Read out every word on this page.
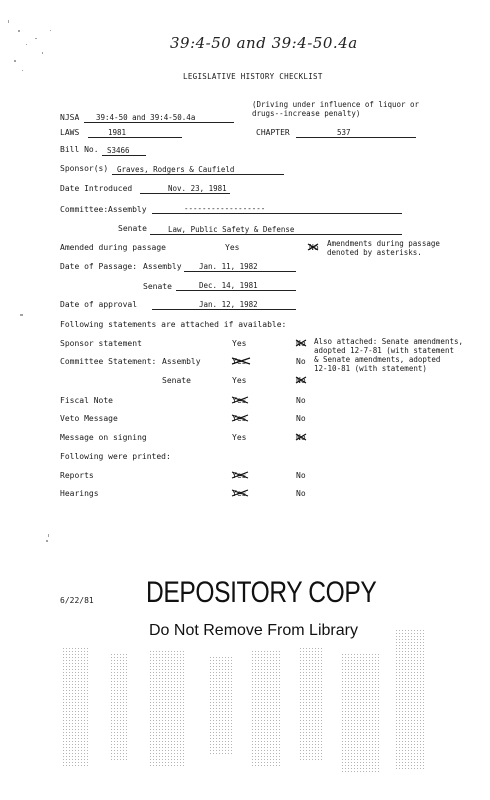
39:4-50 and 39:4-50.4a
LEGISLATIVE HISTORY CHECKLIST
NJSA 39:4-50 and 39:4-50.4a
(Driving under influence of liquor or
drugs--increase penalty)
LAWS	1981	CHAPTER	537
Bill No. S3466
Sponsor(s) Graves, Rodgers & Caufield
Date Introduced	Nov. 23, 1981
Committee: Assembly	------------------
Senate	Law, Public Safety & Defense
Amended during passage	Yes	No Amendments during passage
denoted by asterisks.
Date of Passage: Assembly Jan. 11, 1982
Senate	Dec. 14, 1981
Date of approval	Jan. 12, 1982
Following statements are attached if available:
Sponsor statement	Yes	No Also attached: Senate amendments,
adopted 12-7-81 (with statement
& Senate amendments, adopted
12-10-81 (with statement)
Committee Statement: Assembly	Yes	No
Senate	Yes	No
Fiscal Note	Yes	No
Veto Message	Yes	No
Message on signing	Yes	No
Following were printed:
Reports	Yes	No
Hearings	Yes	No
6/22/81 DEPOSITORY COPY
Do Not Remove From Library
